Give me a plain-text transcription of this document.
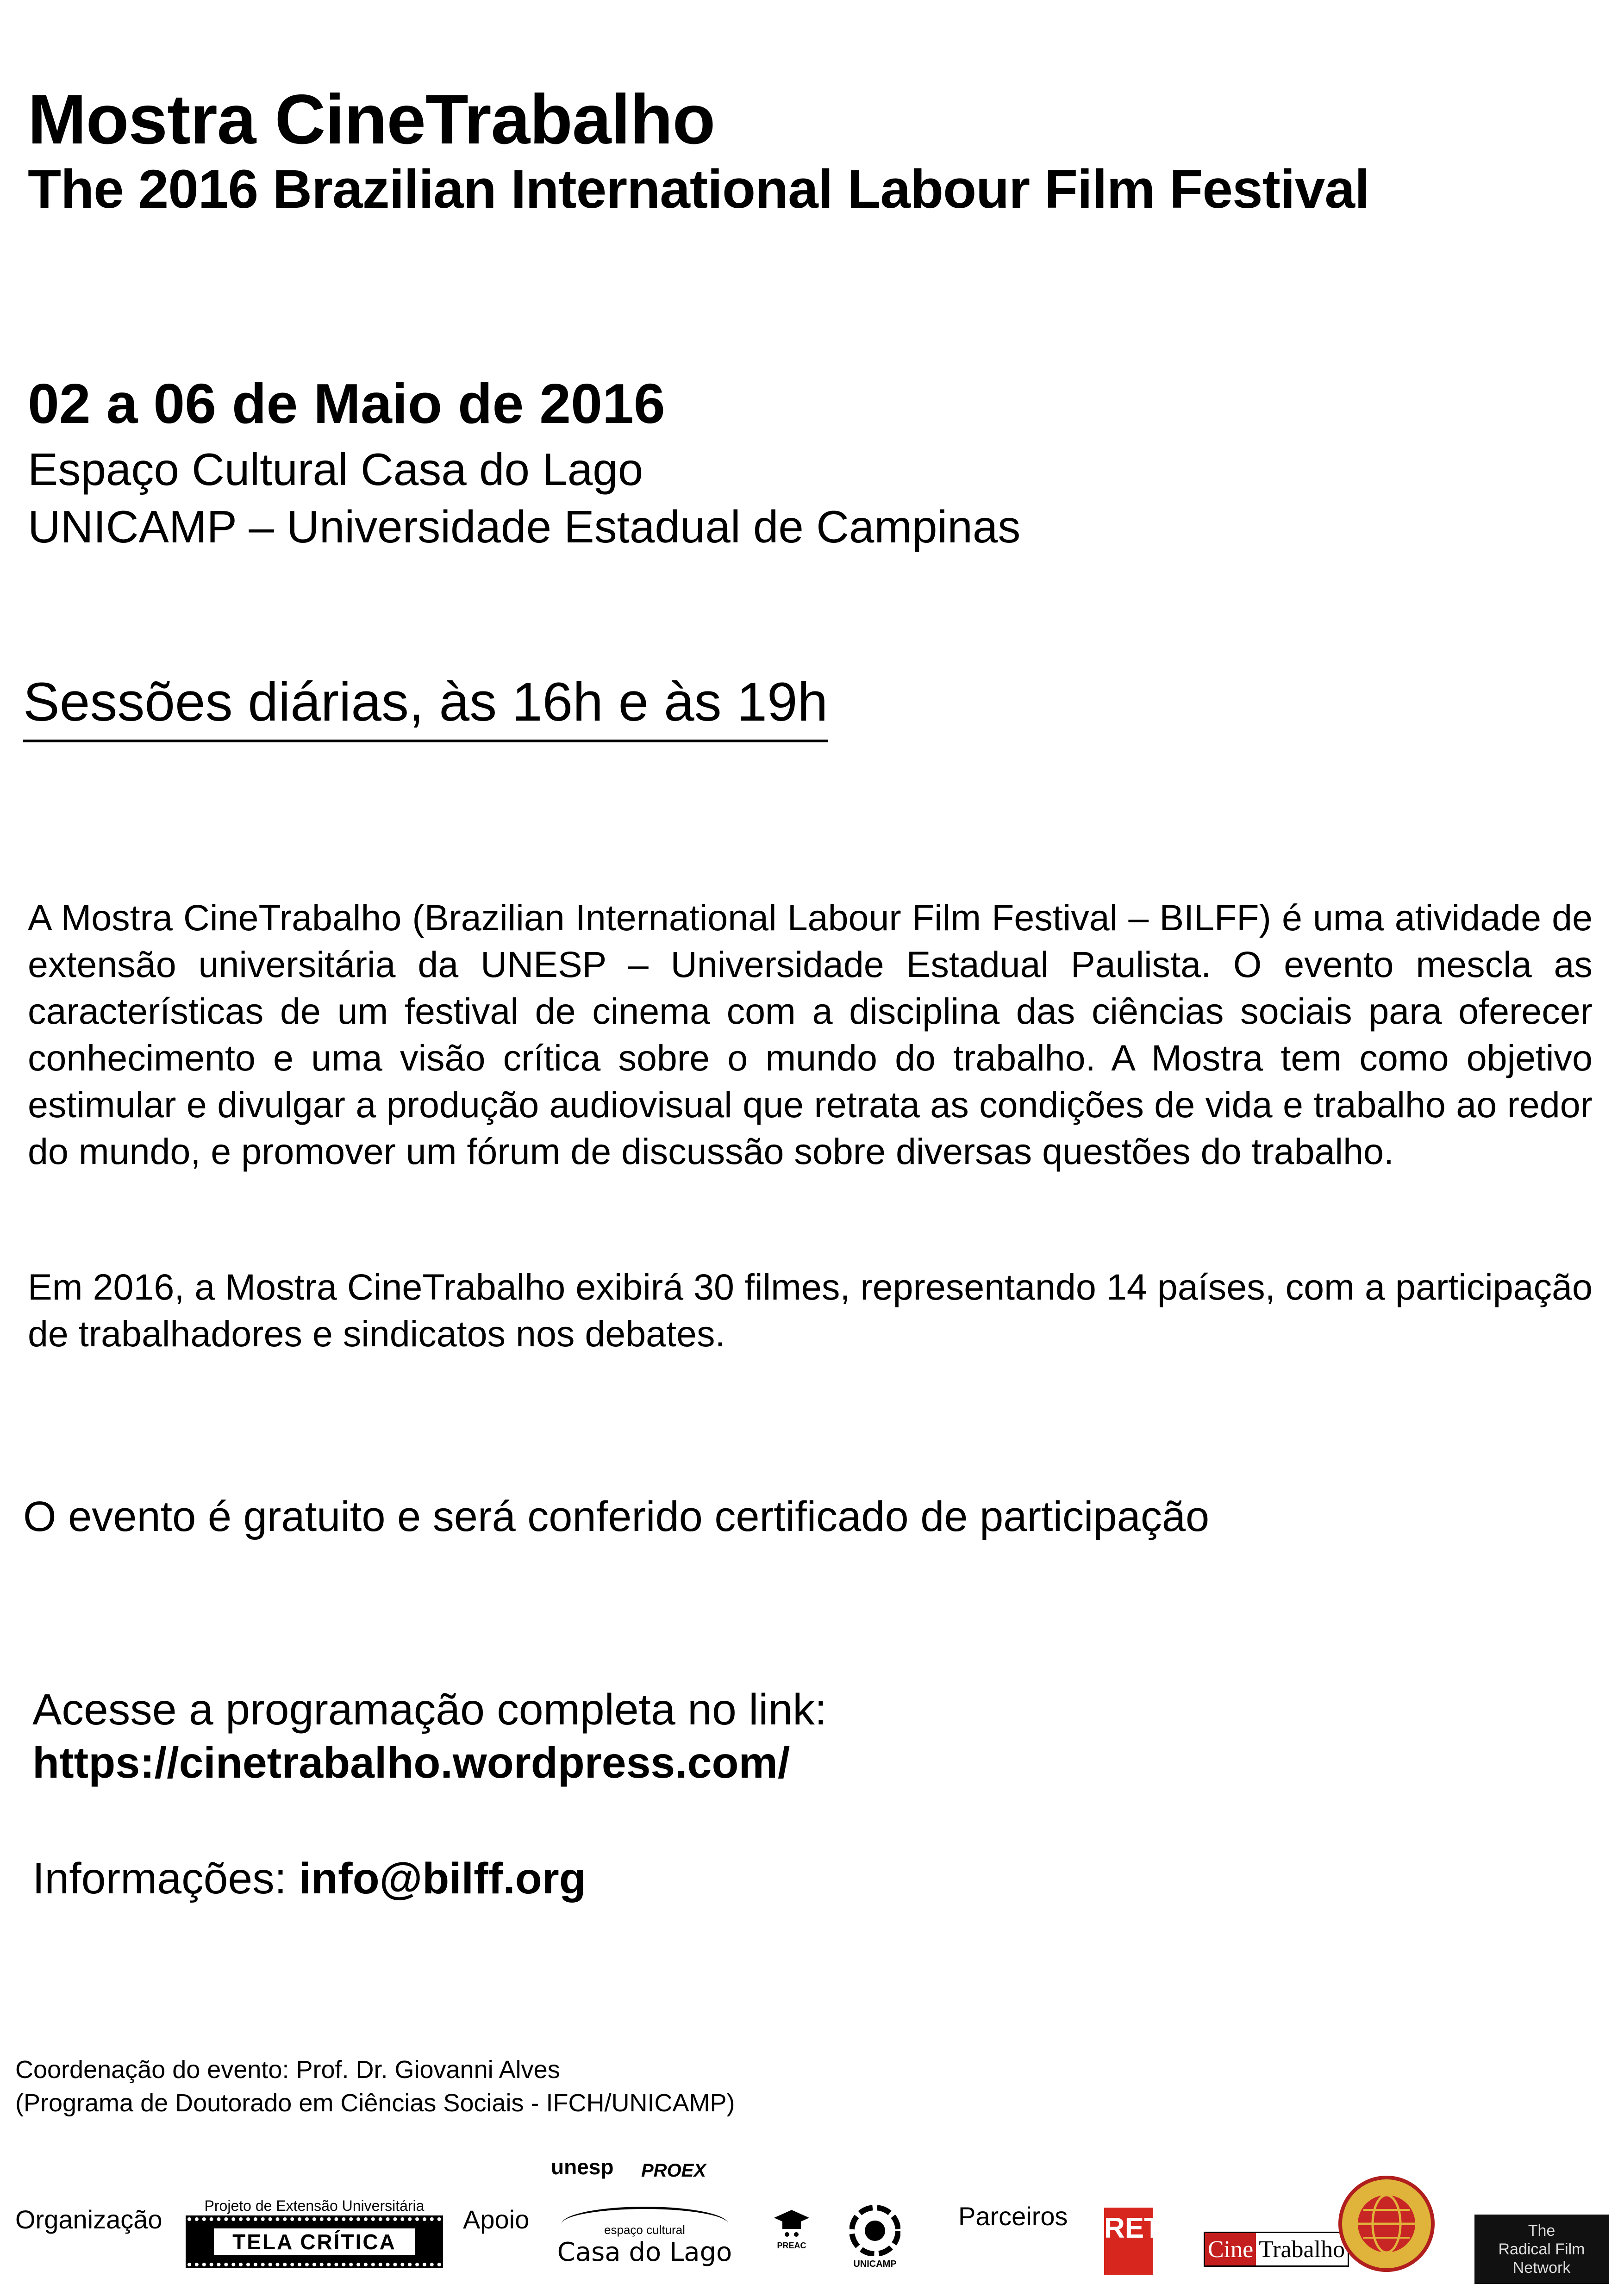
Mostra CineTrabalho
The 2016 Brazilian International Labour Film Festival
02 a 06 de Maio de 2016
Espaço Cultural Casa do Lago
UNICAMP – Universidade Estadual de Campinas
Sessões diárias, às 16h e às 19h
A Mostra CineTrabalho (Brazilian International Labour Film Festival – BILFF) é uma atividade de extensão universitária da UNESP – Universidade Estadual Paulista. O evento mescla as características de um festival de cinema com a disciplina das ciências sociais para oferecer conhecimento e uma visão crítica sobre o mundo do trabalho. A Mostra tem como objetivo estimular e divulgar a produção audiovisual que retrata as condições de vida e trabalho ao redor do mundo, e promover um fórum de discussão sobre diversas questões do trabalho.
Em 2016, a Mostra CineTrabalho exibirá 30 filmes, representando 14 países, com a participação de trabalhadores e sindicatos nos debates.
O evento é gratuito e será conferido certificado de participação
Acesse a programação completa no link:
https://cinetrabalho.wordpress.com/
Informações: info@bilff.org
Coordenação do evento: Prof. Dr. Giovanni Alves
(Programa de Doutorado em Ciências Sociais - IFCH/UNICAMP)
Organização	Apoio	Parceiros
Projeto de Extensão Universitária
TELA CRÍTICA
unesp PROEX
espaço cultural
Casa do Lago	PREAC
UNICAMP
RET
Cine Trabalho
The
Radical Film
Network
